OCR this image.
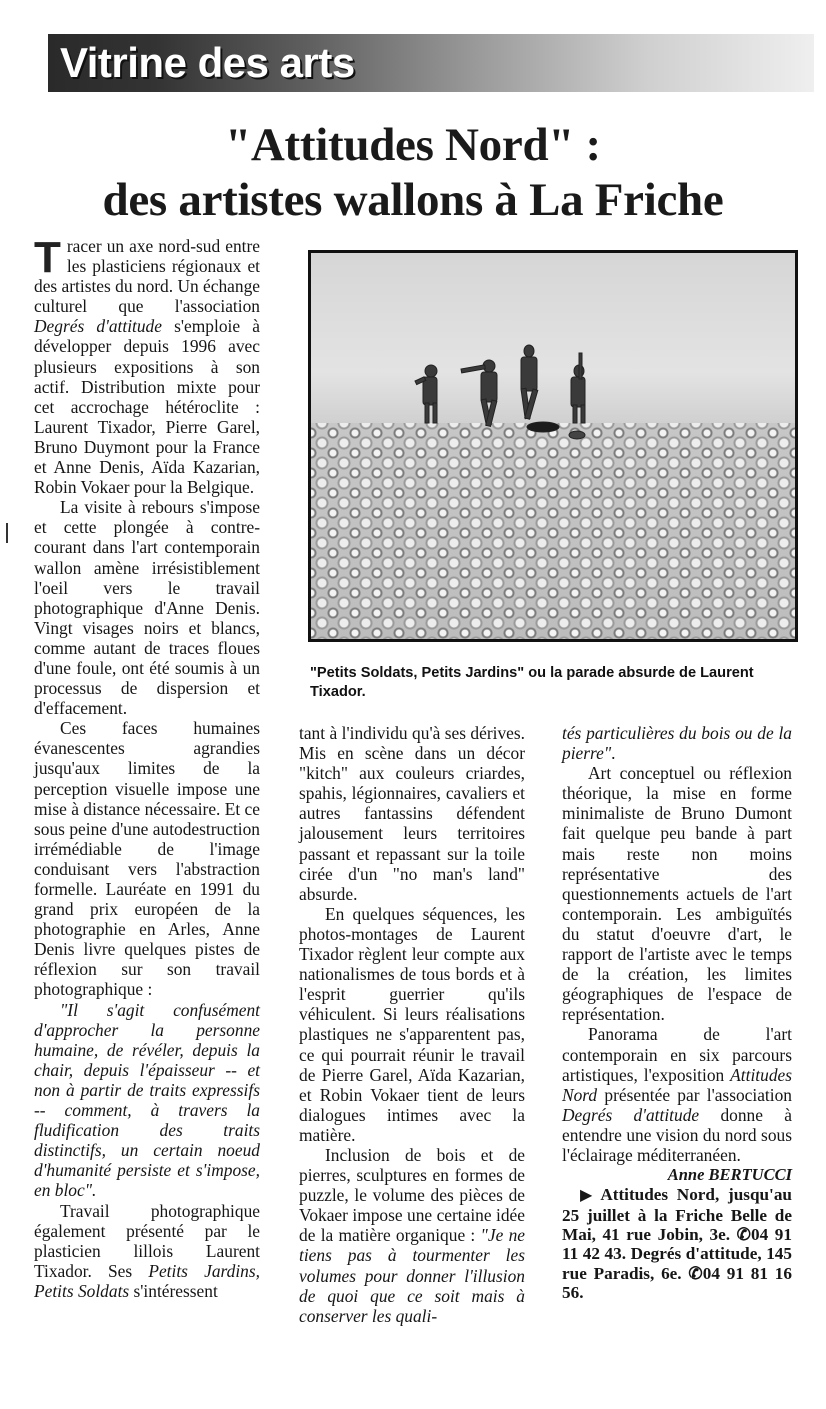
Vitrine des arts
"Attitudes Nord" :
des artistes wallons à La Friche

Tracer un axe nord-sud entre les plasticiens régionaux et des artistes du nord. Un échange culturel que l'association Degrés d'attitude s'emploie à développer depuis 1996 avec plusieurs expositions à son actif. Distribution mixte pour cet accrochage hétéroclite : Laurent Tixador, Pierre Garel, Bruno Duymont pour la France et Anne Denis, Aïda Kazarian, Robin Vokaer pour la Belgique.

La visite à rebours s'impose et cette plongée à contre-courant dans l'art contemporain wallon amène irrésistiblement l'oeil vers le travail photographique d'Anne Denis. Vingt visages noirs et blancs, comme autant de traces floues d'une foule, ont été soumis à un processus de dispersion et d'effacement.

Ces faces humaines évanescentes agrandies jusqu'aux limites de la perception visuelle impose une mise à distance nécessaire. Et ce sous peine d'une autodestruction irrémédiable de l'image conduisant vers l'abstraction formelle. Lauréate en 1991 du grand prix européen de la photographie en Arles, Anne Denis livre quelques pistes de réflexion sur son travail photographique :

"Il s'agit confusément d'approcher la personne humaine, de révéler, depuis la chair, depuis l'épaisseur -- et non à partir de traits expressifs -- comment, à travers la fludification des traits distinctifs, un certain noeud d'humanité persiste et s'impose, en bloc".

Travail photographique également présenté par le plasticien lillois Laurent Tixador. Ses Petits Jardins, Petits Soldats s'intéressent

"Petits Soldats, Petits Jardins" ou la parade absurde de Laurent Tixador.

tant à l'individu qu'à ses dérives. Mis en scène dans un décor "kitch" aux couleurs criardes, spahis, légionnaires, cavaliers et autres fantassins défendent jalousement leurs territoires passant et repassant sur la toile cirée d'un "no man's land" absurde.

En quelques séquences, les photos-montages de Laurent Tixador règlent leur compte aux nationalismes de tous bords et à l'esprit guerrier qu'ils véhiculent. Si leurs réalisations plastiques ne s'apparentent pas, ce qui pourrait réunir le travail de Pierre Garel, Aïda Kazarian, et Robin Vokaer tient de leurs dialogues intimes avec la matière.

Inclusion de bois et de pierres, sculptures en formes de puzzle, le volume des pièces de Vokaer impose une certaine idée de la matière organique : "Je ne tiens pas à tourmenter les volumes pour donner l'illusion de quoi que ce soit mais à conserver les quali-

tés particulières du bois ou de la pierre".

Art conceptuel ou réflexion théorique, la mise en forme minimaliste de Bruno Dumont fait quelque peu bande à part mais reste non moins représentative des questionnements actuels de l'art contemporain. Les ambiguïtés du statut d'oeuvre d'art, le rapport de l'artiste avec le temps de la création, les limites géographiques de l'espace de représentation.

Panorama de l'art contemporain en six parcours artistiques, l'exposition Attitudes Nord présentée par l'association Degrés d'attitude donne à entendre une vision du nord sous l'éclairage méditerranéen.

Anne BERTUCCI

▶ Attitudes Nord, jusqu'au 25 juillet à la Friche Belle de Mai, 41 rue Jobin, 3e. ✆04 91 11 42 43. Degrés d'attitude, 145 rue Paradis, 6e. ✆04 91 81 16 56.
